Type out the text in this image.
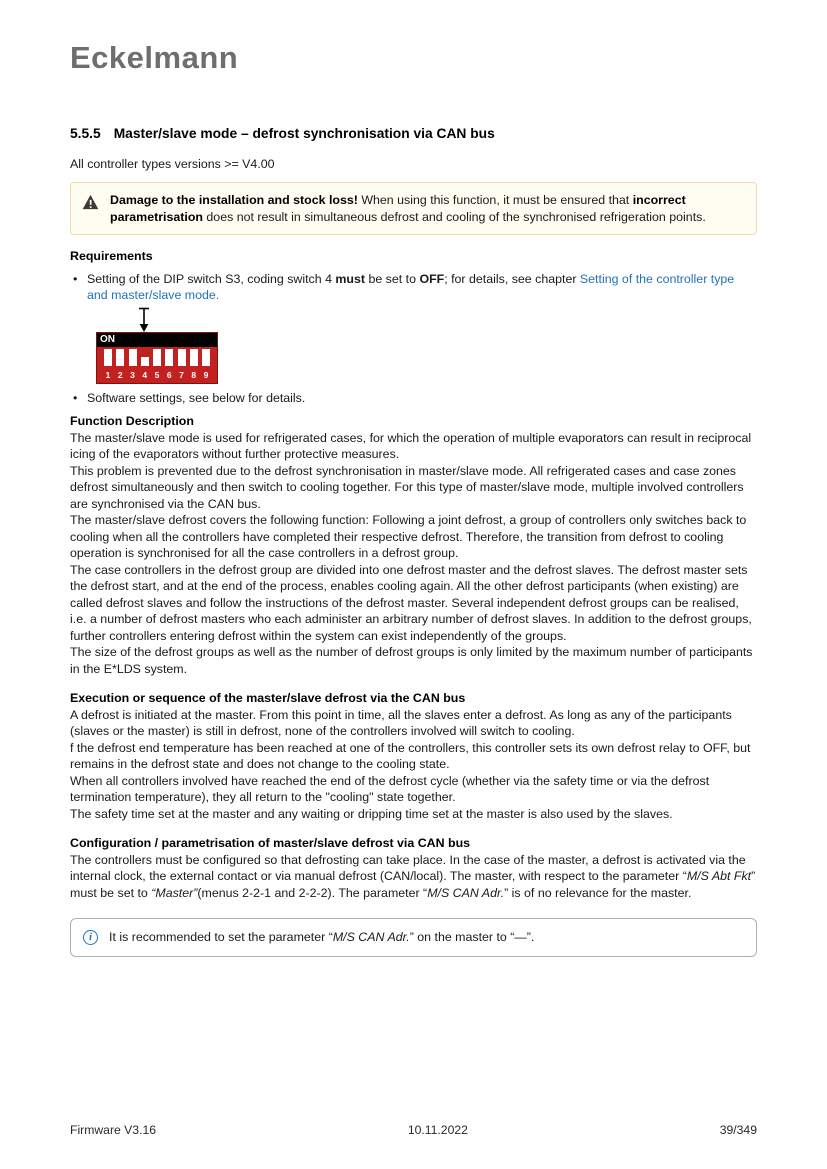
Eckelmann
5.5.5 Master/slave mode – defrost synchronisation via CAN bus
All controller types versions >= V4.00
Damage to the installation and stock loss! When using this function, it must be ensured that incorrect parametrisation does not result in simultaneous defrost and cooling of the synchronised refrigeration points.
Requirements
• Setting of the DIP switch S3, coding switch 4 must be set to OFF; for details, see chapter Setting of the controller type and master/slave mode.
ON
1 2 3 4 5 6 7 8 9
• Software settings, see below for details.
Function Description

The master/slave mode is used for refrigerated cases, for which the operation of multiple evaporators can result in reciprocal icing of the evaporators without further protective measures.

This problem is prevented due to the defrost synchronisation in master/slave mode. All refrigerated cases and case zones defrost simultaneously and then switch to cooling together. For this type of master/slave mode, multiple involved controllers are synchronised via the CAN bus.

The master/slave defrost covers the following function: Following a joint defrost, a group of controllers only switches back to cooling when all the controllers have completed their respective defrost. Therefore, the transition from defrost to cooling operation is synchronised for all the case controllers in a defrost group.

The case controllers in the defrost group are divided into one defrost master and the defrost slaves. The defrost master sets the defrost start, and at the end of the process, enables cooling again. All the other defrost participants (when existing) are called defrost slaves and follow the instructions of the defrost master. Several independent defrost groups can be realised, i.e. a number of defrost masters who each administer an arbitrary number of defrost slaves. In addition to the defrost groups, further controllers entering defrost within the system can exist independently of the groups.

The size of the defrost groups as well as the number of defrost groups is only limited by the maximum number of participants in the E*LDS system.

Execution or sequence of the master/slave defrost via the CAN bus

A defrost is initiated at the master. From this point in time, all the slaves enter a defrost. As long as any of the participants (slaves or the master) is still in defrost, none of the controllers involved will switch to cooling.

f the defrost end temperature has been reached at one of the controllers, this controller sets its own defrost relay to OFF, but remains in the defrost state and does not change to the cooling state.

When all controllers involved have reached the end of the defrost cycle (whether via the safety time or via the defrost termination temperature), they all return to the "cooling" state together.

The safety time set at the master and any waiting or dripping time set at the master is also used by the slaves.

Configuration / parametrisation of master/slave defrost via CAN bus

The controllers must be configured so that defrosting can take place. In the case of the master, a defrost is activated via the internal clock, the external contact or via manual defrost (CAN/local). The master, with respect to the parameter “M/S Abt Fkt” must be set to “Master”(menus 2-2-1 and 2-2-2). The parameter “M/S CAN Adr.” is of no relevance for the master.

i	It is recommended to set the parameter “M/S CAN Adr.” on the master to “—”.
Firmware V3.16	10.11.2022	39/349
